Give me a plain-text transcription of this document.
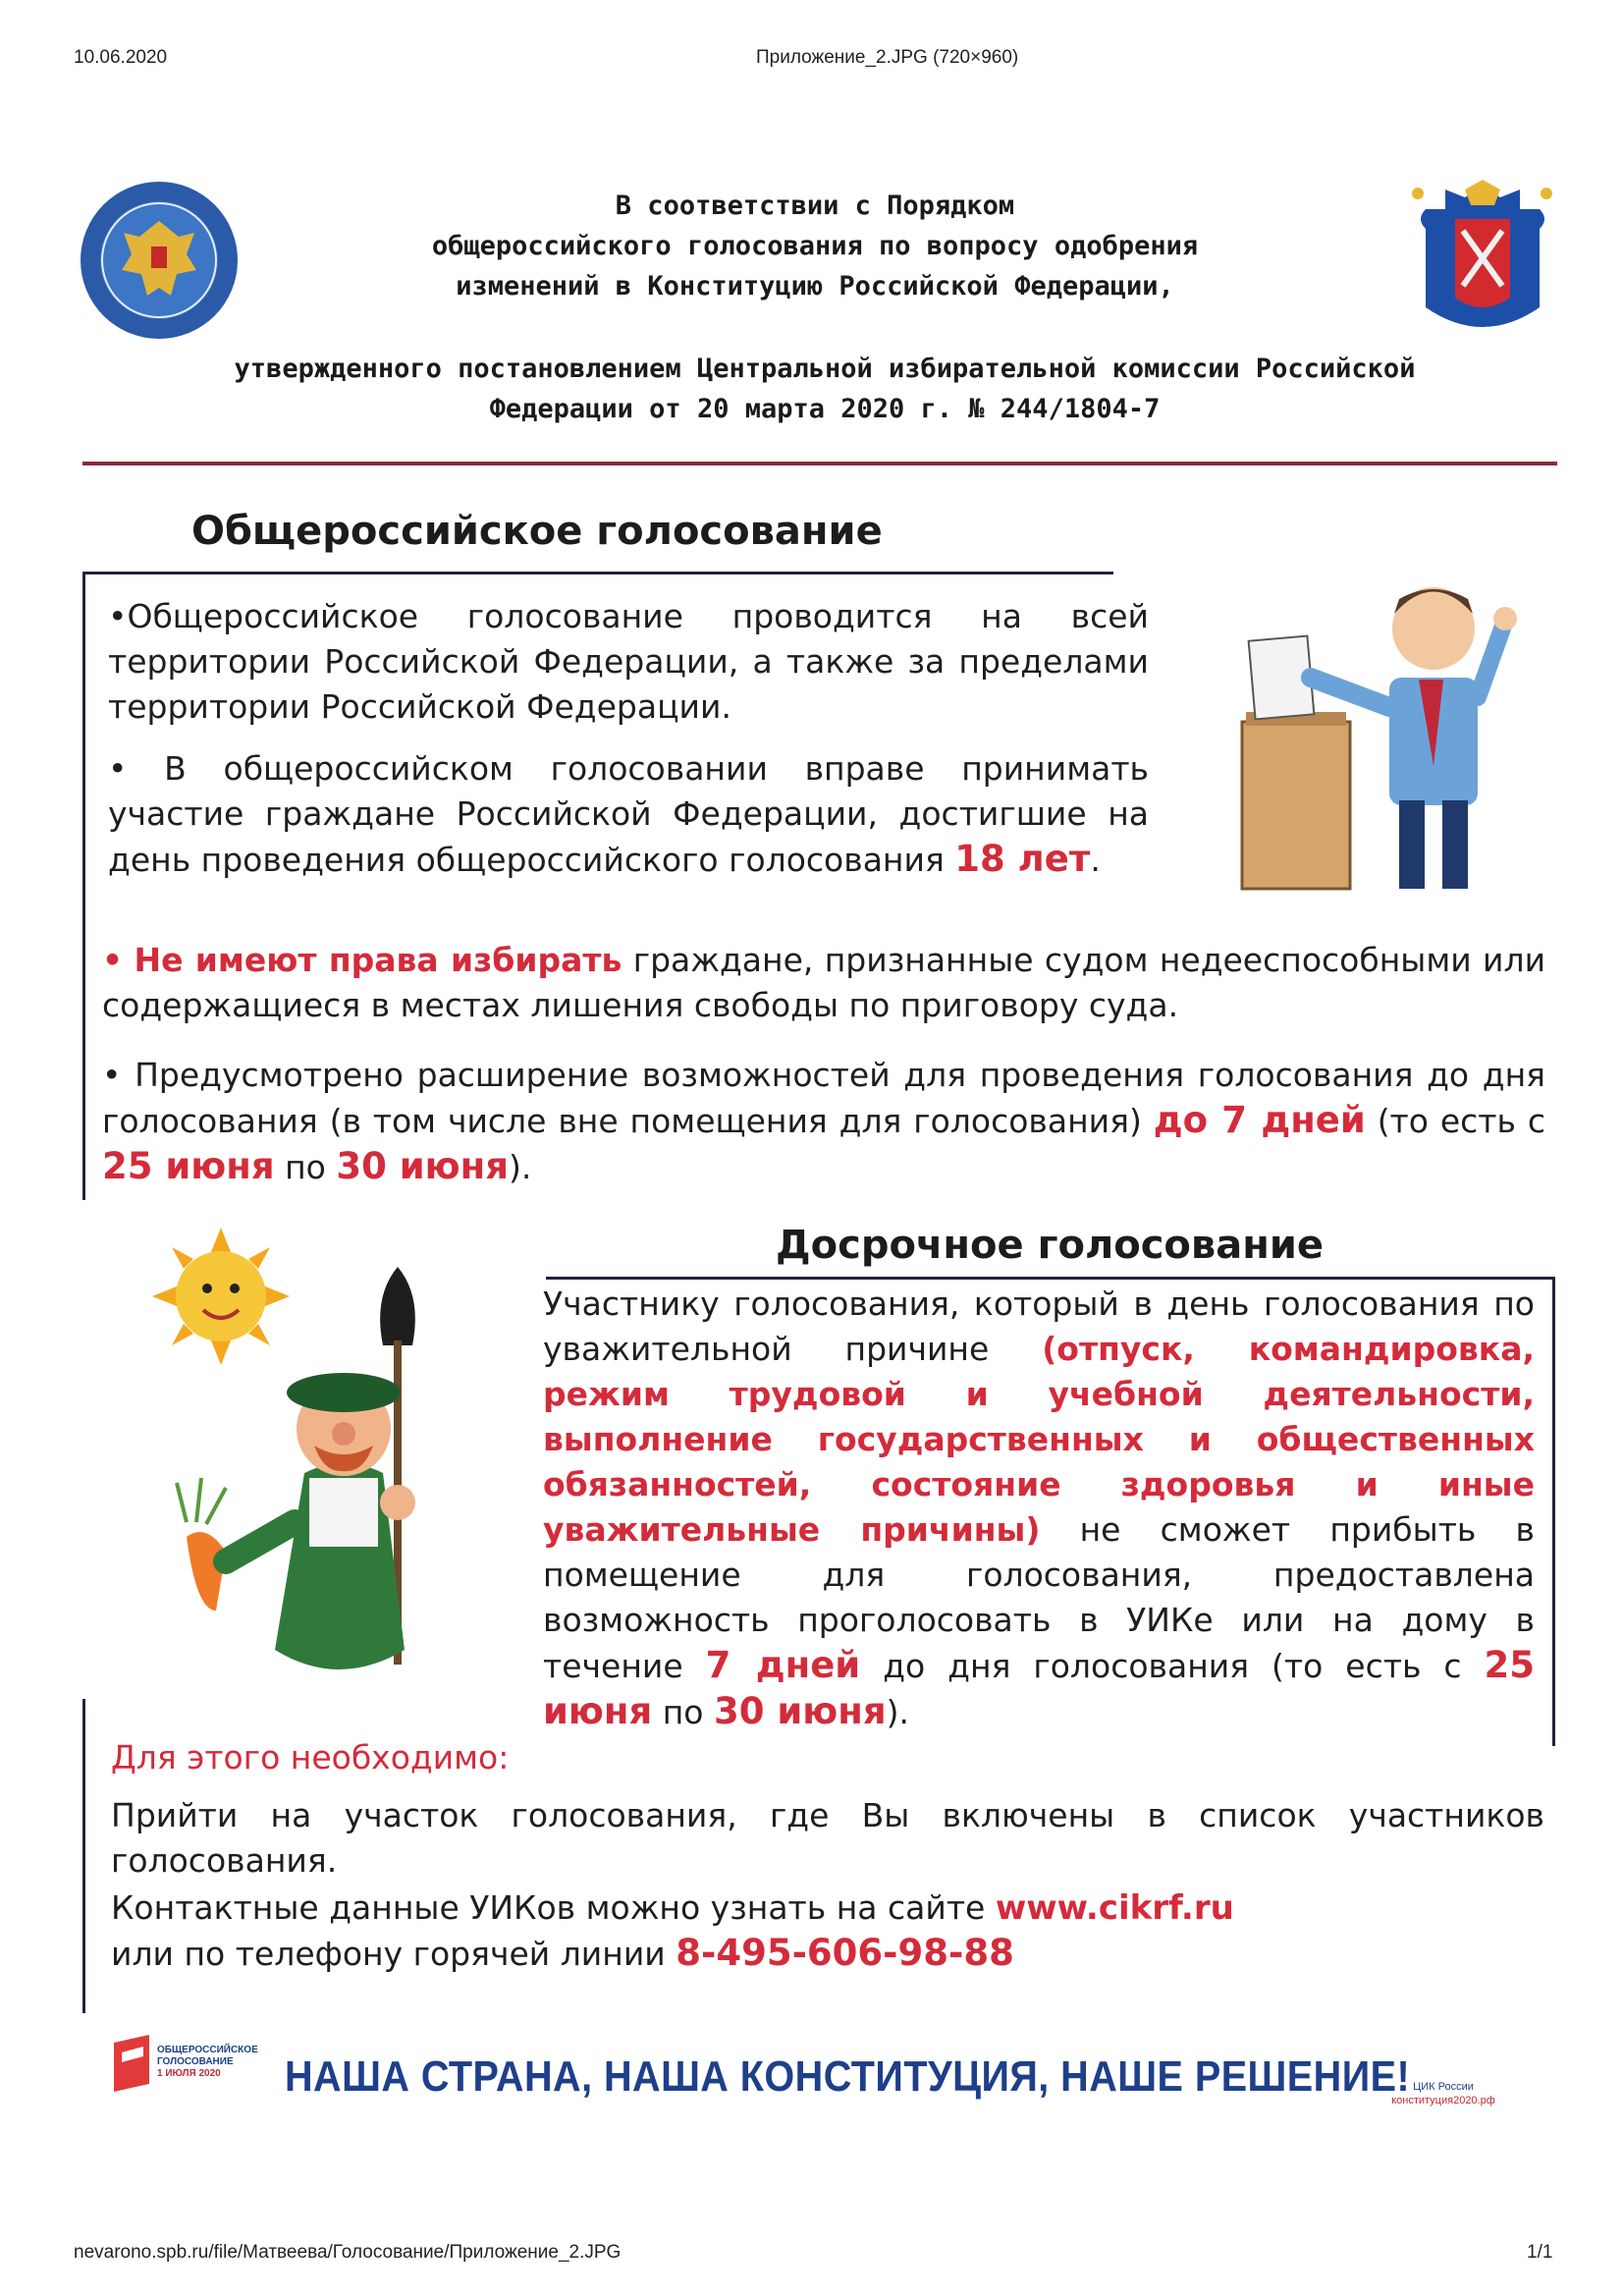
10.06.2020	Приложение_2.JPG (720×960)
В соответствии с Порядком
общероссийского голосования по вопросу одобрения
изменений в Конституцию Российской Федерации,
утвержденного постановлением Центральной избирательной комиссии Российской
Федерации от 20 марта 2020 г. № 244/1804-7
Общероссийское голосование
•Общероссийское голосование проводится на всей территории Российской Федерации, а также за пределами территории Российской Федерации.
• В общероссийском голосовании вправе принимать участие граждане Российской Федерации, достигшие на день проведения общероссийского голосования 18 лет.
• Не имеют права избирать граждане, признанные судом недееспособными или содержащиеся в местах лишения свободы по приговору суда.
• Предусмотрено расширение возможностей для проведения голосования до дня голосования (в том числе вне помещения для голосования) до 7 дней (то есть с 25 июня по 30 июня).
Досрочное голосование
Участнику голосования, который в день голосования по уважительной причине (отпуск, командировка, режим трудовой и учебной деятельности, выполнение государственных и общественных обязанностей, состояние здоровья и иные уважительные причины) не сможет прибыть в помещение для голосования, предоставлена возможность проголосовать в УИКе или на дому в течение 7 дней до дня голосования (то есть с 25 июня по 30 июня).
Для этого необходимо:
Прийти на участок голосования, где Вы включены в список участников голосования.
Контактные данные УИКов можно узнать на сайте www.cikrf.ru
или по телефону горячей линии 8-495-606-98-88
ОБЩЕРОССИЙСКОЕ
ГОЛОСОВАНИЕ
1 ИЮЛЯ 2020 НАША СТРАНА, НАША КОНСТИТУЦИЯ, НАШЕ РЕШЕНИЕ! ЦИК России
конституция2020.рф
nevarono.spb.ru/file/Матвеева/Голосование/Приложение_2.JPG	1/1
